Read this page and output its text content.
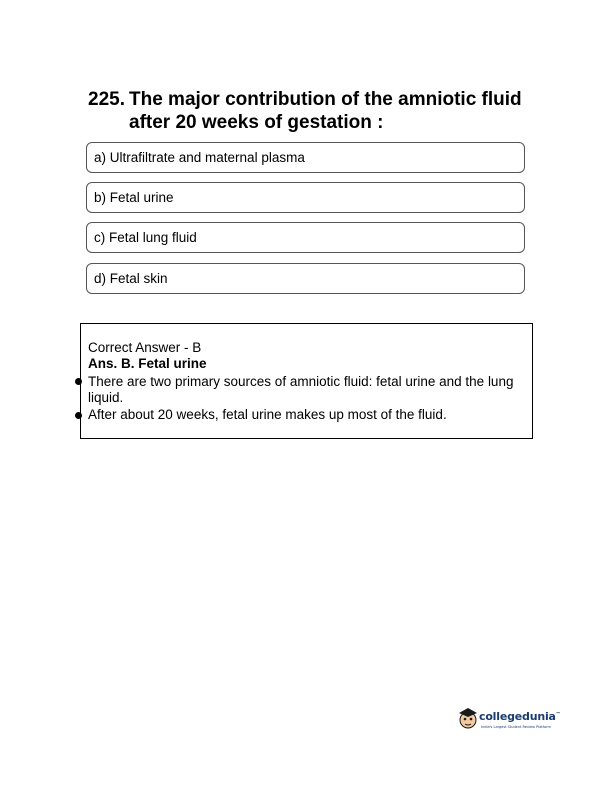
225. The major contribution of the amniotic fluid after 20 weeks of gestation :
a) Ultrafiltrate and maternal plasma
b) Fetal urine
c) Fetal lung fluid
d) Fetal skin
Correct Answer - B
Ans. B. Fetal urine
There are two primary sources of amniotic fluid: fetal urine and the lung liquid.
After about 20 weeks, fetal urine makes up most of the fluid.
collegedunia™
India's Largest Student Review Platform
